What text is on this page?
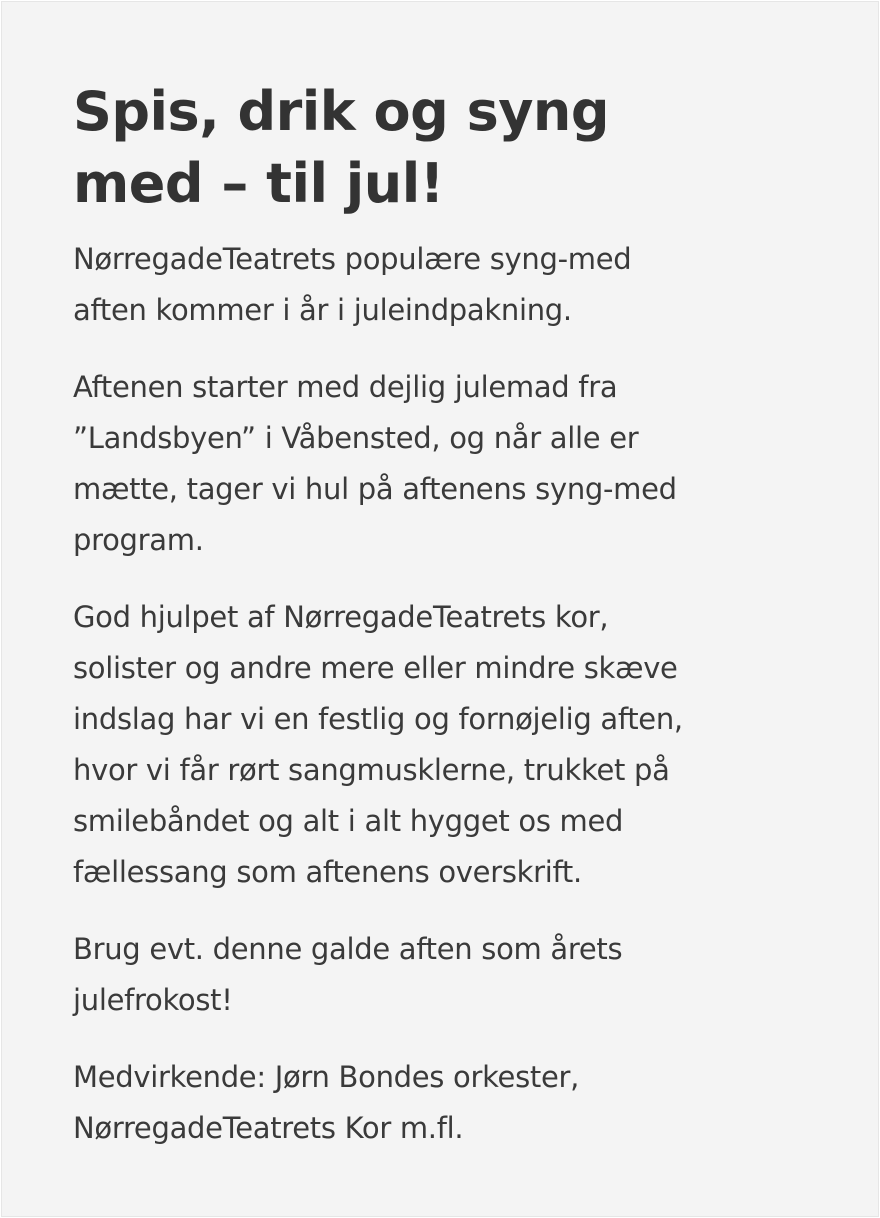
Spis, drik og syng
med – til jul!

NørregadeTeatrets populære syng-med
aften kommer i år i juleindpakning.

Aftenen starter med dejlig julemad fra
”Landsbyen” i Våbensted, og når alle er
mætte, tager vi hul på aftenens syng-med
program.

God hjulpet af NørregadeTeatrets kor,
solister og andre mere eller mindre skæve
indslag har vi en festlig og fornøjelig aften,
hvor vi får rørt sangmusklerne, trukket på
smilebåndet og alt i alt hygget os med
fællessang som aftenens overskrift.

Brug evt. denne galde aften som årets
julefrokost!

Medvirkende: Jørn Bondes orkester,
NørregadeTeatrets Kor m.fl.
